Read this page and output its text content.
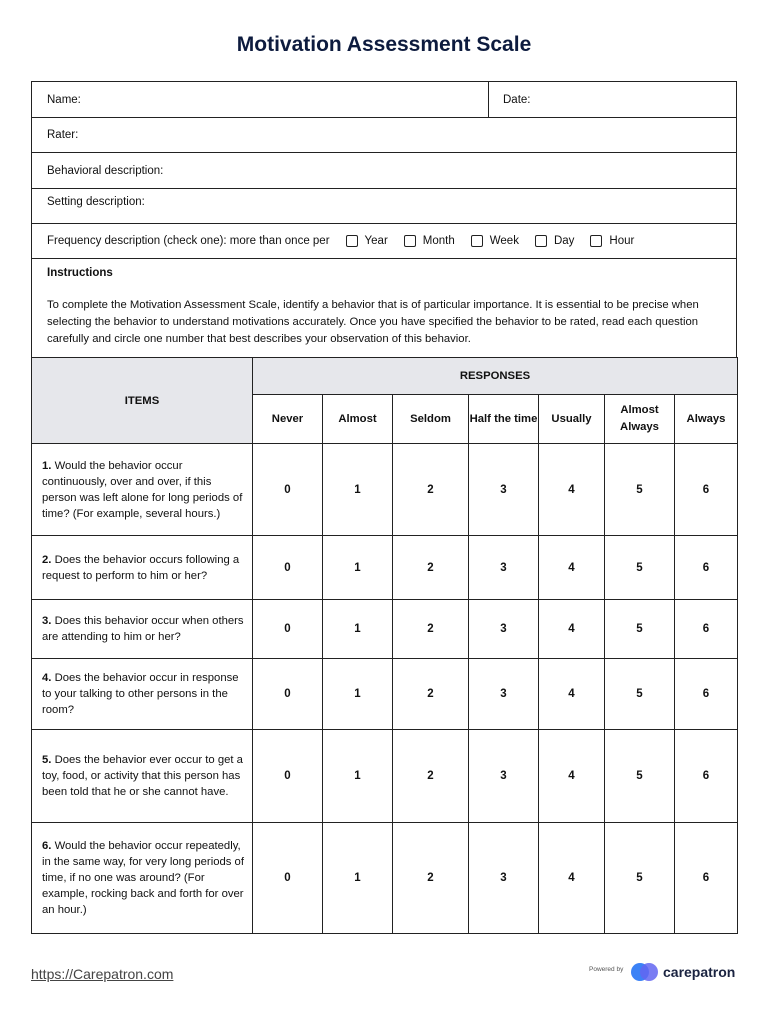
Motivation Assessment Scale
Name:	Date:
Rater:
Behavioral description:
Setting description:
Frequency description (check one): more than once per	Year	Month	Week	Day	Hour
Instructions
To complete the Motivation Assessment Scale, identify a behavior that is of particular importance. It is essential to be precise when selecting the behavior to understand motivations accurately. Once you have specified the behavior to be rated, read each question carefully and circle one number that best describes your observation of this behavior.
ITEMS	RESPONSES						
	Never	Almost	Seldom	Half the time	Usually	Almost Always	Always
1. Would the behavior occur continuously, over and over, if this person was left alone for long periods of time? (For example, several hours.)	0	1	2	3	4	5	6
2. Does the behavior occurs following a request to perform to him or her?	0	1	2	3	4	5	6
3. Does this behavior occur when others are attending to him or her?	0	1	2	3	4	5	6
4. Does the behavior occur in response to your talking to other persons in the room?	0	1	2	3	4	5	6
5. Does the behavior ever occur to get a toy, food, or activity that this person has been told that he or she cannot have.	0	1	2	3	4	5	6
6. Would the behavior occur repeatedly, in the same way, for very long periods of time, if no one was around? (For example, rocking back and forth for over an hour.)	0	1	2	3	4	5	6
https://Carepatron.com	Powered by	carepatron
